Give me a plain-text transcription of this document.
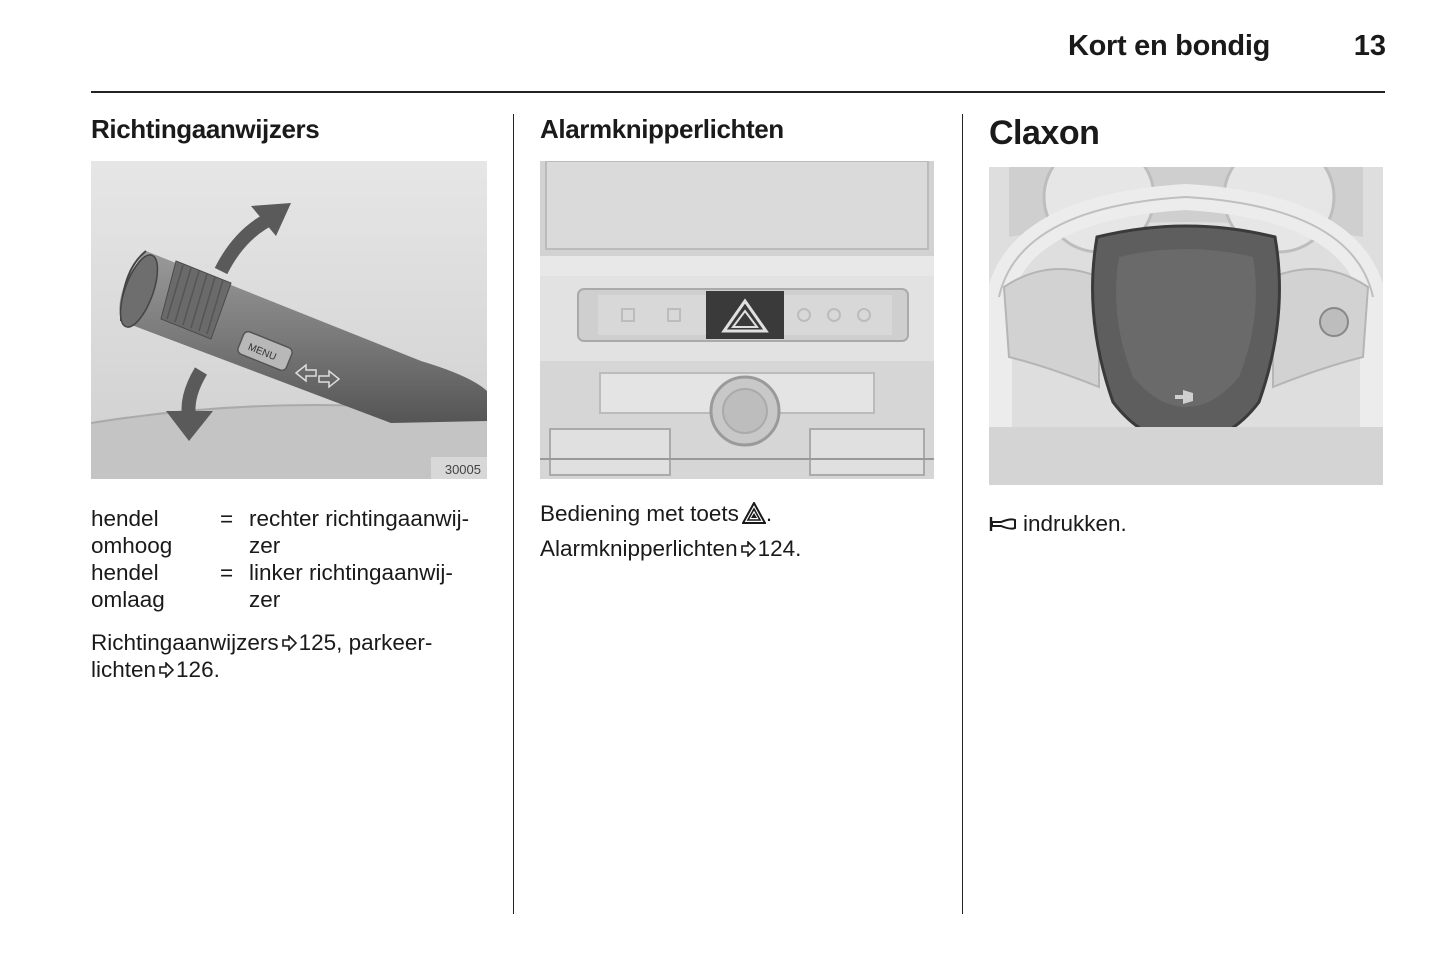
Kort en bondig	13
Richtingaanwijzers
MENU
30005
hendel
omhoog
= rechter richtingaanwij-
zer
hendel
omlaag
= linker richtingaanwij-
zer
Richtingaanwijzers 125, parkeer-
lichten 126.
Alarmknipperlichten
Bediening met toets .
Alarmknipperlichten 124.
Claxon
indrukken.
